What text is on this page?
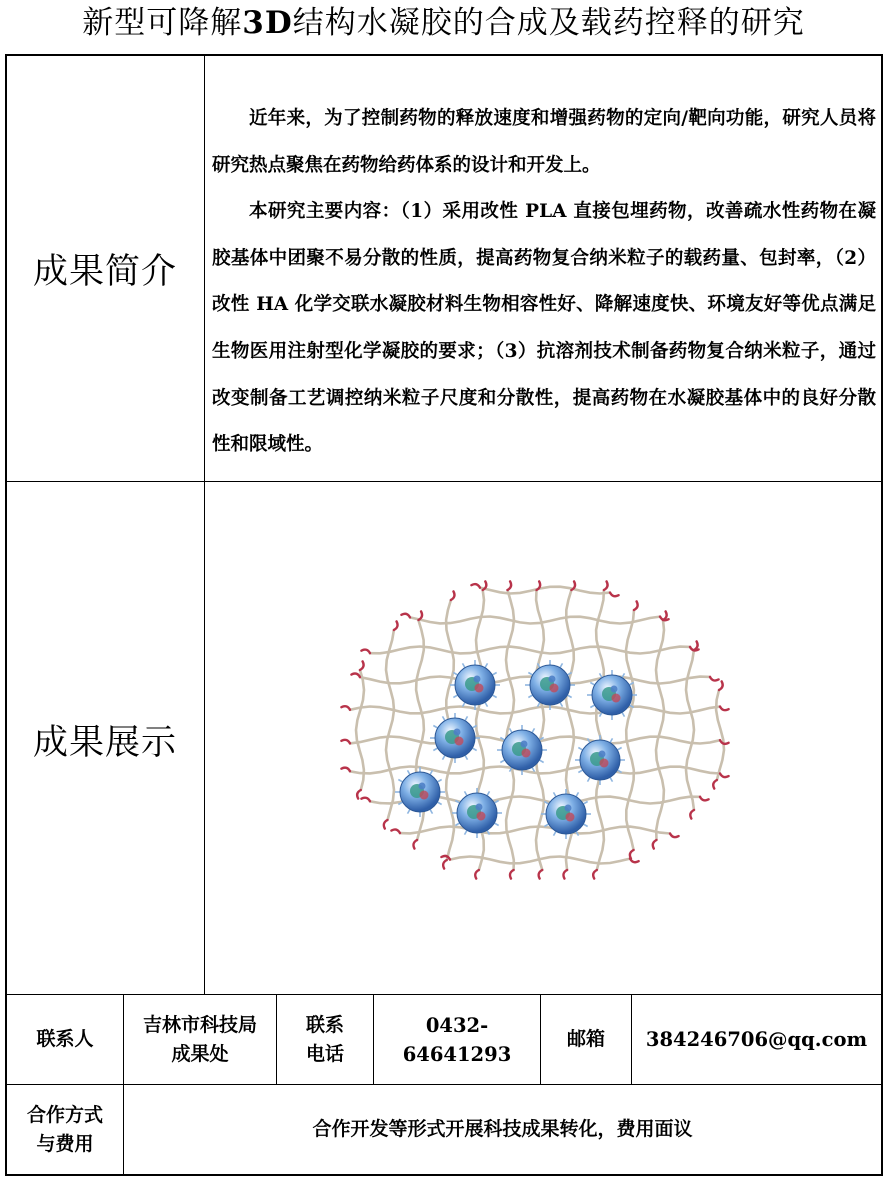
新型可降解3D结构水凝胶的合成及载药控释的研究
成果简介

近年来，为了控制药物的释放速度和增强药物的定向/靶向功能，研究人员将研究热点聚焦在药物给药体系的设计和开发上。

本研究主要内容：（1）采用改性 PLA 直接包埋药物，改善疏水性药物在凝胶基体中团聚不易分散的性质，提高药物复合纳米粒子的载药量、包封率，（2）改性 HA 化学交联水凝胶材料生物相容性好、降解速度快、环境友好等优点满足生物医用注射型化学凝胶的要求；（3）抗溶剂技术制备药物复合纳米粒子，通过改变制备工艺调控纳米粒子尺度和分散性，提高药物在水凝胶基体中的良好分散性和限域性。

成果展示
联系人
吉林市科技局
成果处
联系
电话
0432-64641293
邮箱	384246706@qq.com
合作方式
与费用
合作开发等形式开展科技成果转化，费用面议
